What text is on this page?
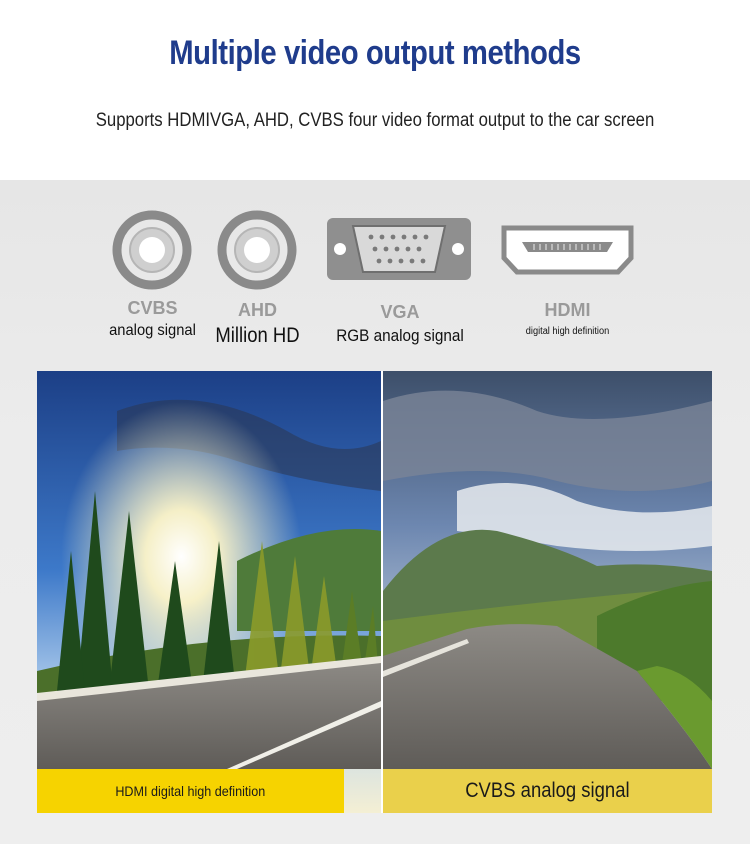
Multiple video output methods
Supports HDMIVGA, AHD, CVBS four video format output to the car screen
CVBS
analog signal
AHD
Million HD
VGA
RGB analog signal
HDMI
digital high definition
HDMI digital high definition	CVBS analog signal
